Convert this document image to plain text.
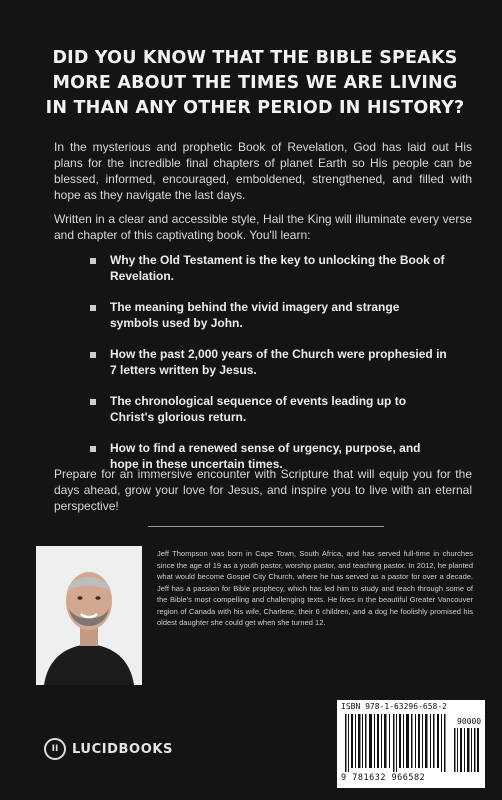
DID YOU KNOW THAT THE BIBLE SPEAKS MORE ABOUT THE TIMES WE ARE LIVING IN THAN ANY OTHER PERIOD IN HISTORY?
In the mysterious and prophetic Book of Revelation, God has laid out His plans for the incredible final chapters of planet Earth so His people can be blessed, informed, encouraged, emboldened, strengthened, and filled with hope as they navigate the last days.
Written in a clear and accessible style, Hail the King will illuminate every verse and chapter of this captivating book. You'll learn:
Why the Old Testament is the key to unlocking the Book of Revelation.
The meaning behind the vivid imagery and strange symbols used by John.
How the past 2,000 years of the Church were prophesied in 7 letters written by Jesus.
The chronological sequence of events leading up to Christ's glorious return.
How to find a renewed sense of urgency, purpose, and hope in these uncertain times.
Prepare for an immersive encounter with Scripture that will equip you for the days ahead, grow your love for Jesus, and inspire you to live with an eternal perspective!
Jeff Thompson was born in Cape Town, South Africa, and has served full-time in churches since the age of 19 as a youth pastor, worship pastor, and teaching pastor. In 2012, he planted what would become Gospel City Church, where he has served as a pastor for over a decade. Jeff has a passion for Bible prophecy, which has led him to study and teach through some of the Bible's most compelling and challenging texts. He lives in the beautiful Greater Vancouver region of Canada with his wife, Charlene, their 6 children, and a dog he foolishly promised his oldest daughter she could get when she turned 12.
ISBN 978-1-63296-658-2
90000
9 781632 966582
II LUCIDBOOKS
